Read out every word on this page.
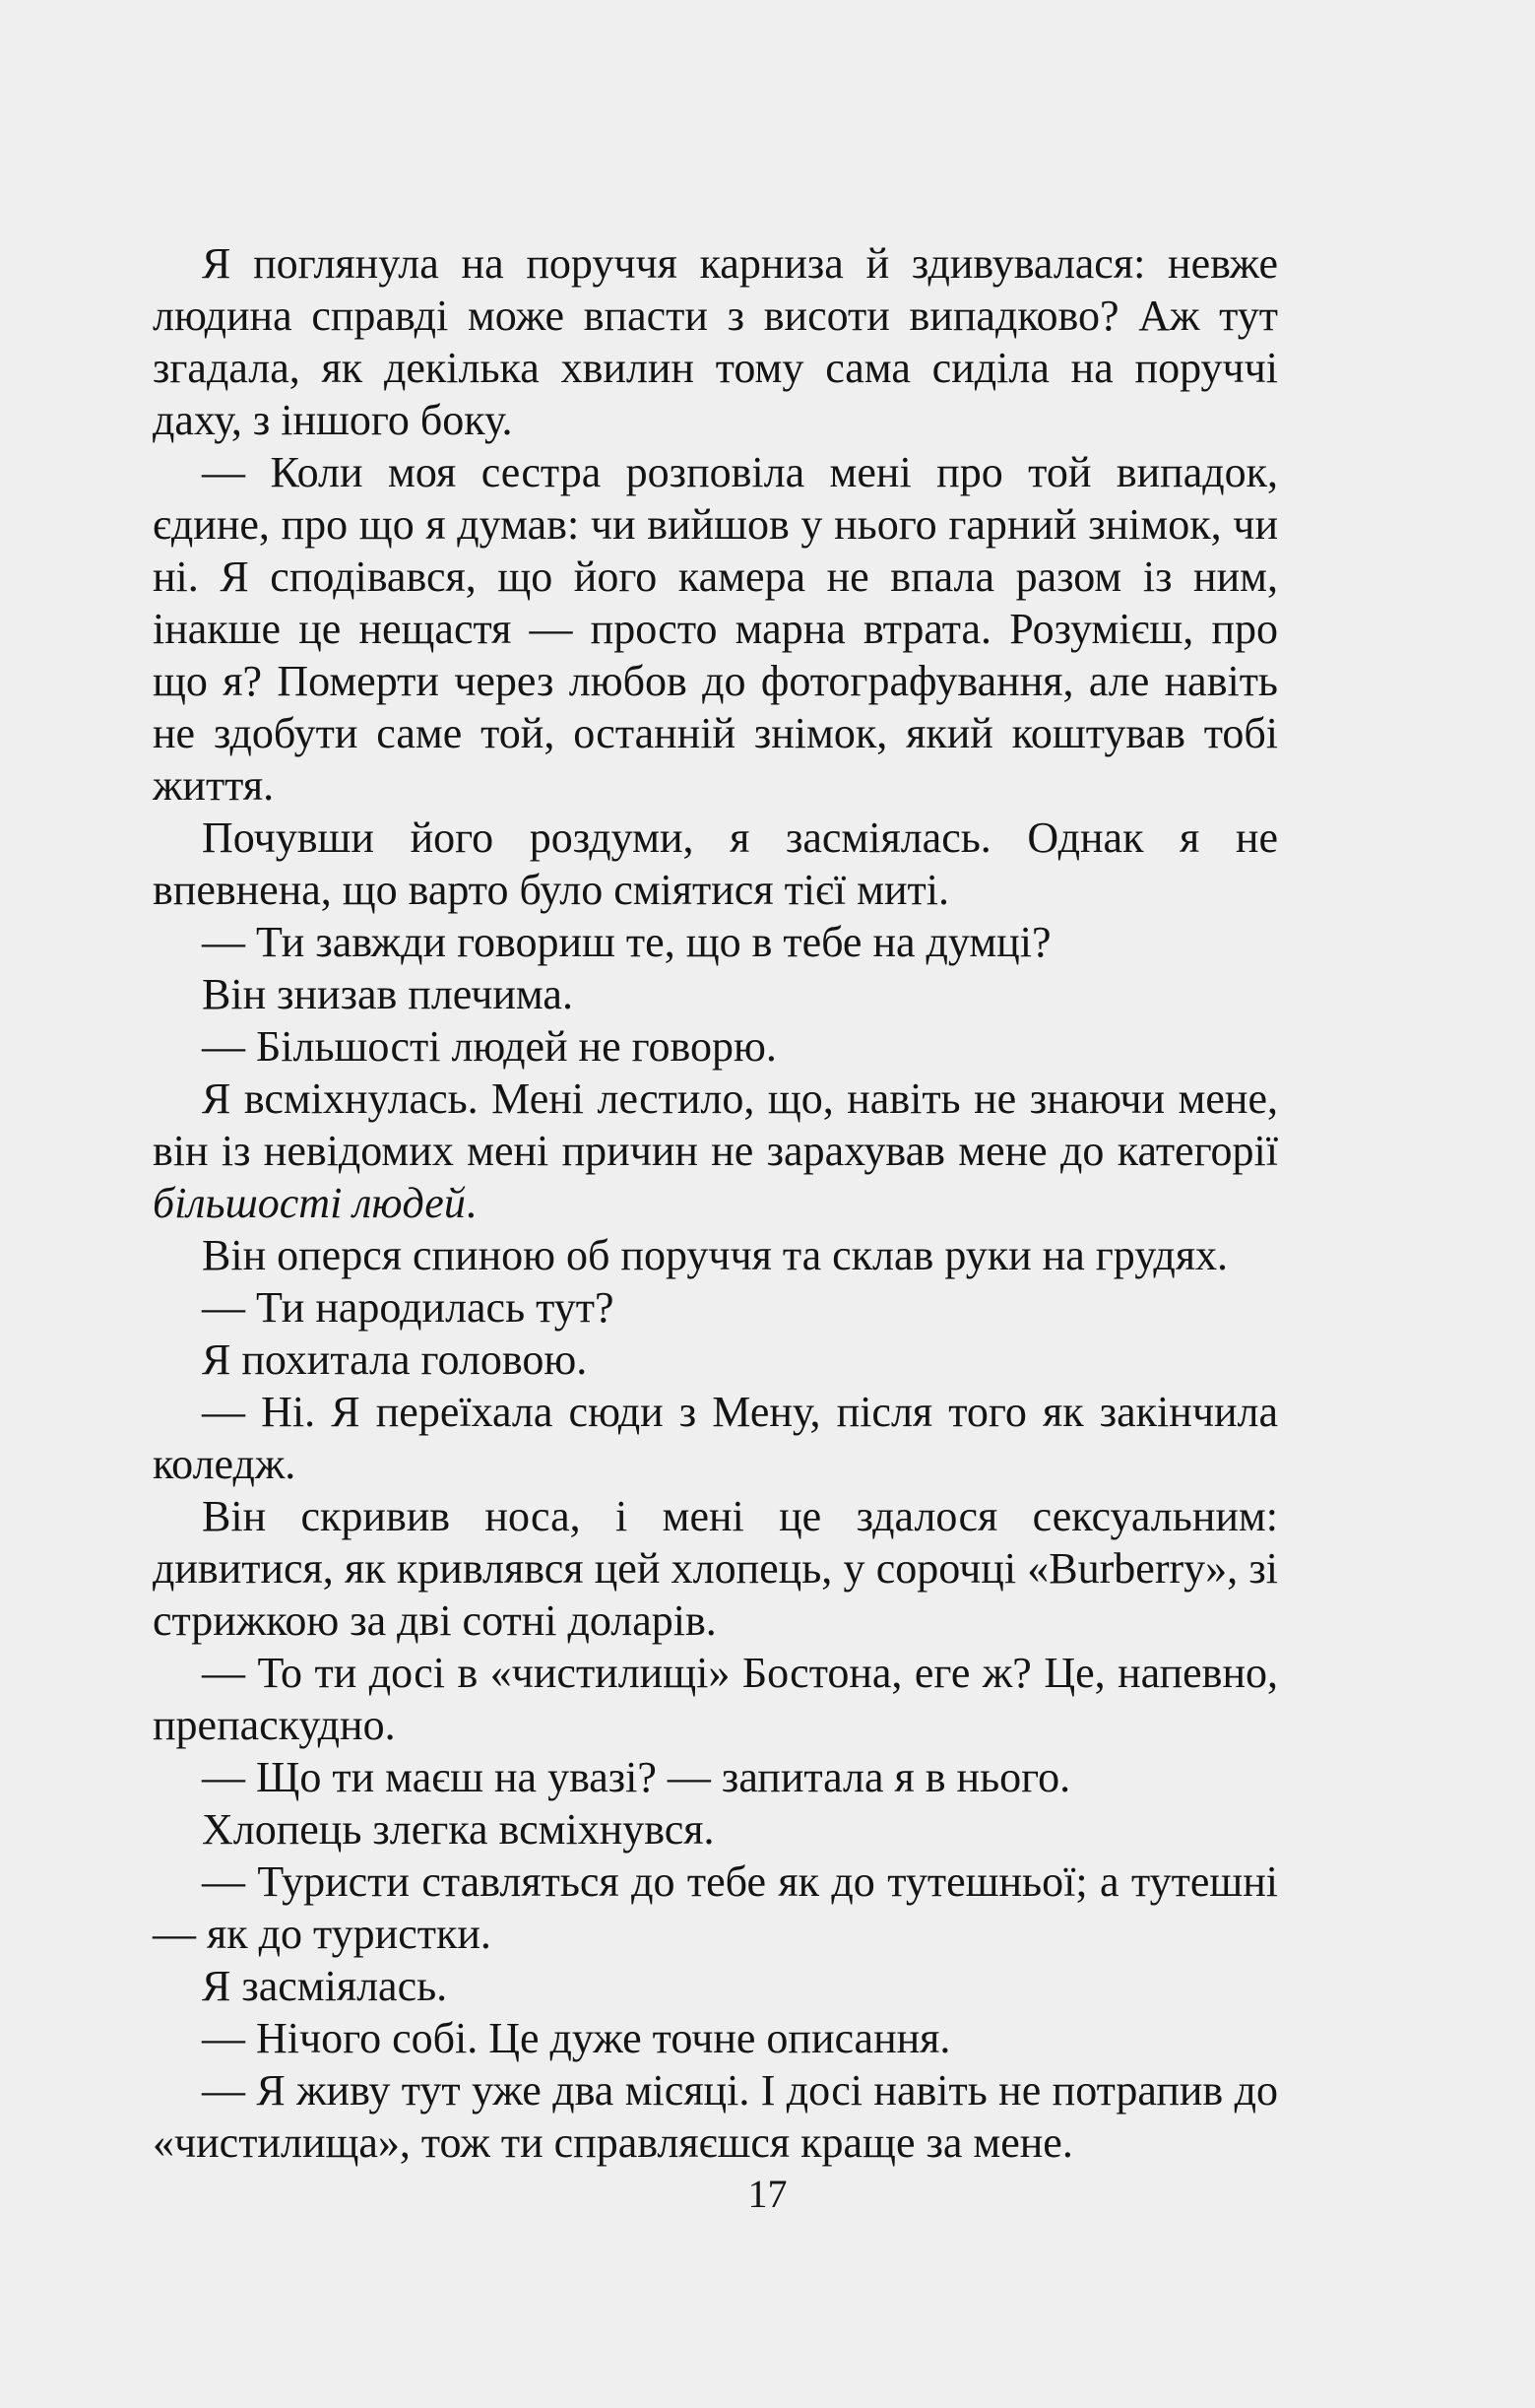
Я поглянула на поруччя карниза й здивувалася: невже людина справді може впасти з висоти випадково? Аж тут згадала, як декілька хвилин тому сама сиділа на поруччі даху, з іншого боку.

— Коли моя сестра розповіла мені про той випадок, єдине, про що я думав: чи вийшов у нього гарний знімок, чи ні. Я сподівався, що його камера не впала разом із ним, інакше це нещастя — просто марна втрата. Розумієш, про що я? Померти через любов до фотографування, але навіть не здобути саме той, останній знімок, який коштував тобі життя.

Почувши його роздуми, я засміялась. Однак я не впевнена, що варто було сміятися тієї миті.

— Ти завжди говориш те, що в тебе на думці?

Він знизав плечима.

— Більшості людей не говорю.

Я всміхнулась. Мені лестило, що, навіть не знаючи мене, він із невідомих мені причин не зарахував мене до категорії більшості людей.

Він оперся спиною об поруччя та склав руки на грудях.

— Ти народилась тут?

Я похитала головою.

— Ні. Я переїхала сюди з Мену, після того як закінчила коледж.

Він скривив носа, і мені це здалося сексуальним: дивитися, як кривлявся цей хлопець, у сорочці «Burberry», зі стрижкою за дві сотні доларів.

— То ти досі в «чистилищі» Бостона, еге ж? Це, напевно, препаскудно.

— Що ти маєш на увазі? — запитала я в нього.

Хлопець злегка всміхнувся.

— Туристи ставляться до тебе як до тутешньої; а тутешні — як до туристки.

Я засміялась.

— Нічого собі. Це дуже точне описання.

— Я живу тут уже два місяці. І досі навіть не потрапив до «чистилища», тож ти справляєшся краще за мене.

17
